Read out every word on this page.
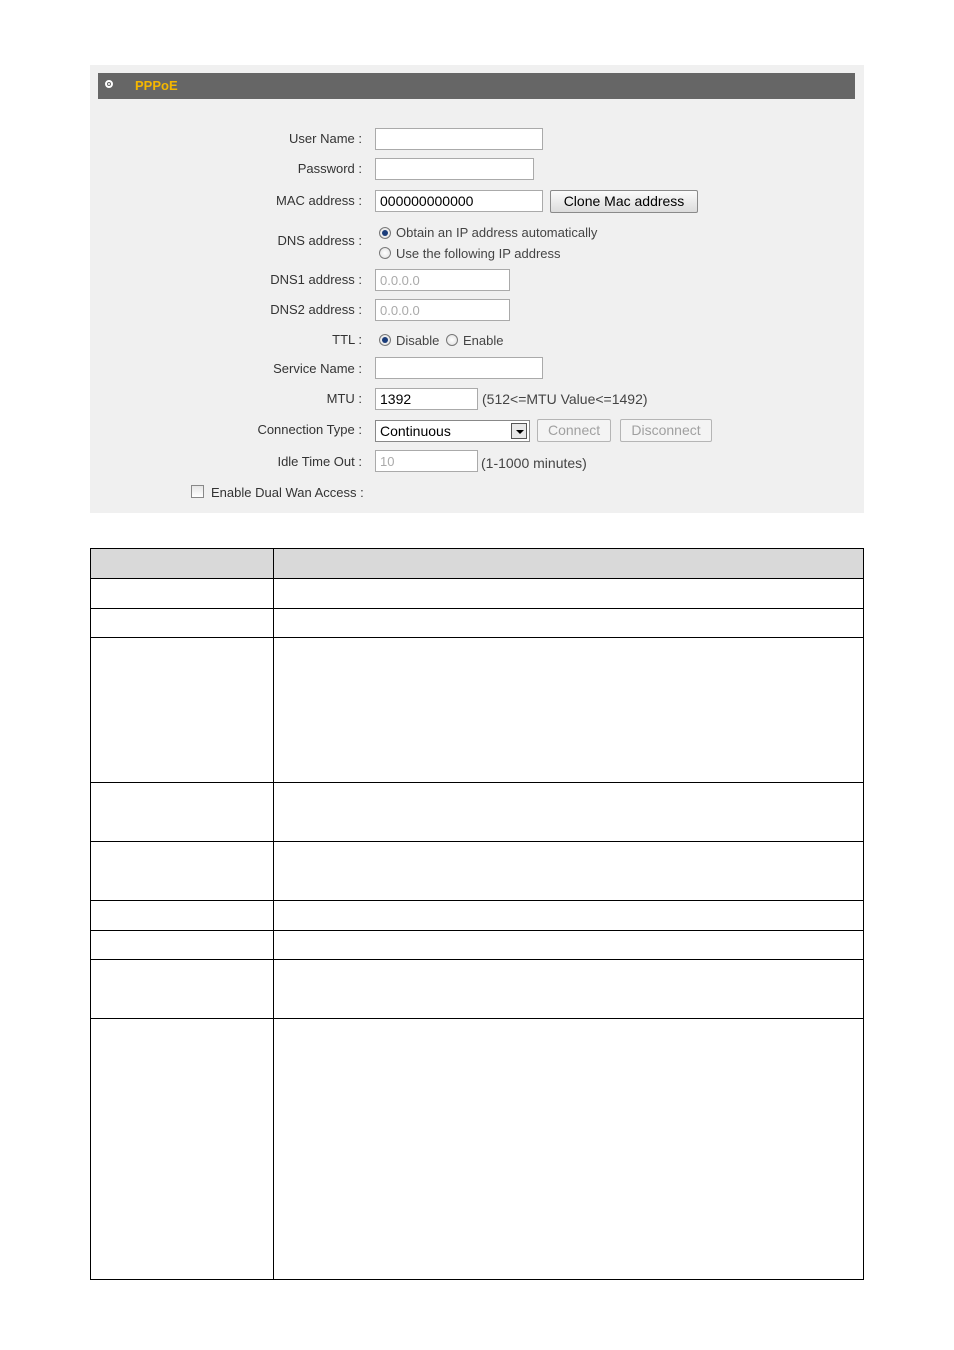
PPPoE
User Name :
Password :
MAC address :
000000000000	Clone Mac address
DNS address :
Obtain an IP address automatically
Use the following IP address
DNS1 address :
0.0.0.0
DNS2 address :
0.0.0.0
TTL :	Disable Enable
Service Name :
MTU :
1392	(512<=MTU Value<=1492)
Connection Type :	Continuous	Connect	Disconnect
Idle Time Out :
10	(1-1000 minutes)
Enable Dual Wan Access :
